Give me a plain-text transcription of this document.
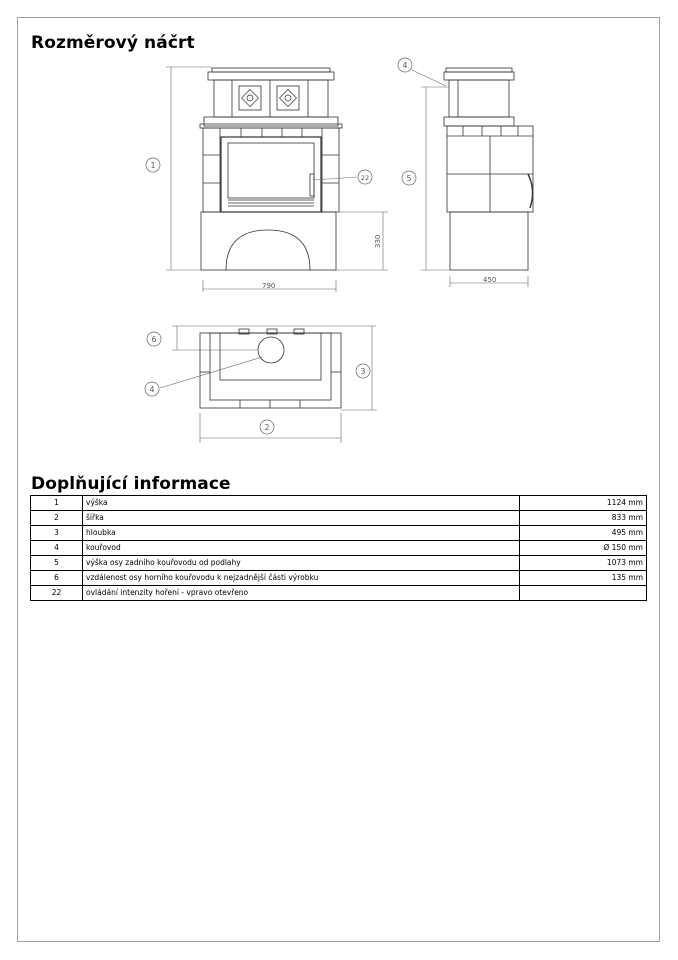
Rozměrový náčrt
790
330
450
1
4
5
22
6
4
3
2
Doplňující informace
1	výška	1124 mm
2	šířka	833 mm
3	hloubka	495 mm
4	kouřovod	Ø 150 mm
5	výška osy zadního kouřovodu od podlahy	1073 mm
6	vzdálenost osy horního kouřovodu k nejzadnější části výrobku	135 mm
22	ovládání intenzity hoření - vpravo otevřeno	
